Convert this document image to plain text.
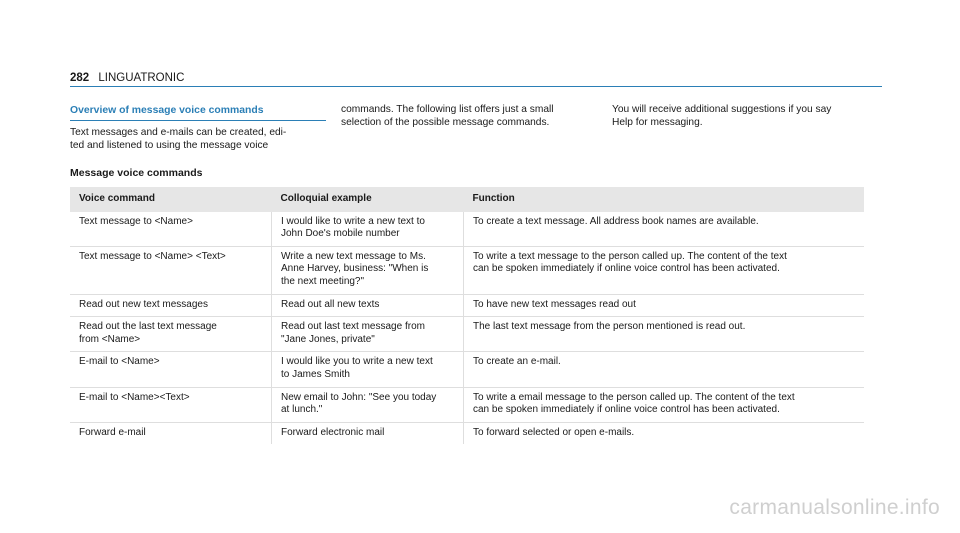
282 LINGUATRONIC
Overview of message voice commands
Text messages and e-mails can be created, edi-
ted and listened to using the message voice
commands. The following list offers just a small
selection of the possible message commands.
You will receive additional suggestions if you say
Help for messaging.
Message voice commands
Voice command	Colloquial example	Function
Text message to <Name>	I would like to write a new text to
John Doe's mobile number	To create a text message. All address book names are available.
Text message to <Name> <Text>	Write a new text message to Ms.
Anne Harvey, business: "When is
the next meeting?"	To write a text message to the person called up. The content of the text
can be spoken immediately if online voice control has been activated.
Read out new text messages	Read out all new texts	To have new text messages read out
Read out the last text message
from <Name>	Read out last text message from
"Jane Jones, private"	The last text message from the person mentioned is read out.
E-mail to <Name>	I would like you to write a new text
to James Smith	To create an e-mail.
E-mail to <Name><Text>	New email to John: "See you today
at lunch."	To write a email message to the person called up. The content of the text
can be spoken immediately if online voice control has been activated.
Forward e-mail	Forward electronic mail	To forward selected or open e-mails.
carmanualsonline.info
